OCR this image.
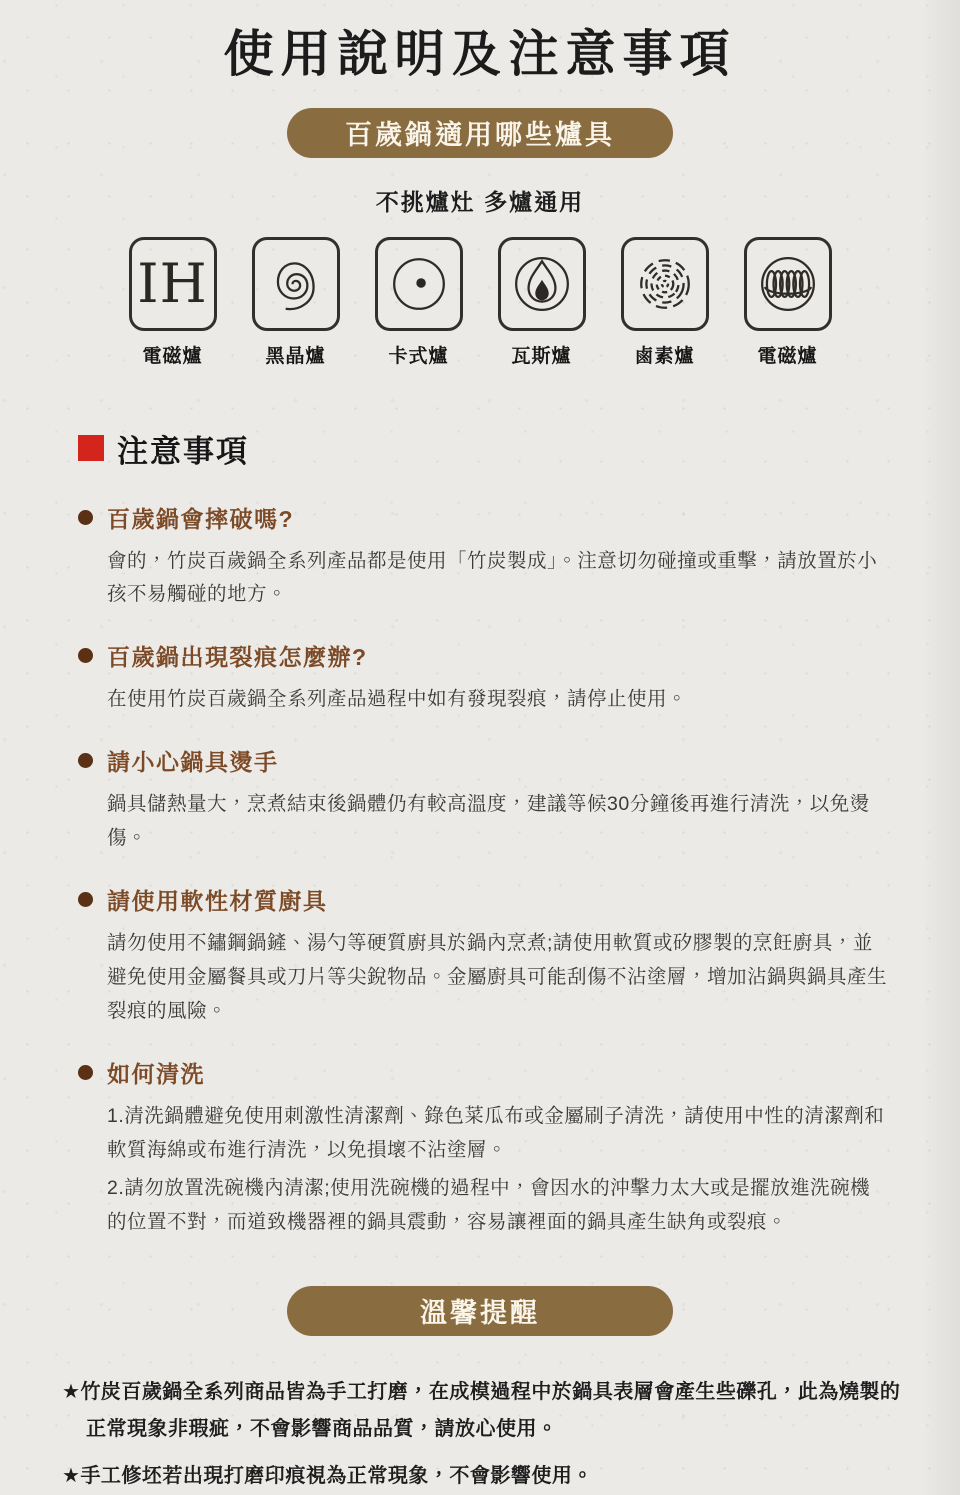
使用說明及注意事項
百歲鍋適用哪些爐具
不挑爐灶 多爐通用
IH
電磁爐	黑晶爐	卡式爐	瓦斯爐	鹵素爐	電磁爐
注意事項
百歲鍋會摔破嗎?

會的，竹炭百歲鍋全系列產品都是使用「竹炭製成」。注意切勿碰撞或重擊，請放置於小孩不易觸碰的地方。

百歲鍋出現裂痕怎麼辦?

在使用竹炭百歲鍋全系列產品過程中如有發現裂痕，請停止使用。

請小心鍋具燙手

鍋具儲熱量大，烹煮結束後鍋體仍有較高溫度，建議等候30分鐘後再進行清洗，以免燙傷。

請使用軟性材質廚具

請勿使用不鏽鋼鍋鏟、湯勺等硬質廚具於鍋內烹煮;請使用軟質或矽膠製的烹飪廚具，並避免使用金屬餐具或刀片等尖銳物品。金屬廚具可能刮傷不沾塗層，增加沾鍋與鍋具產生裂痕的風險。

如何清洗

1.清洗鍋體避免使用刺激性清潔劑、錄色菜瓜布或金屬刷子清洗，請使用中性的清潔劑和軟質海綿或布進行清洗，以免損壞不沾塗層。

2.請勿放置洗碗機內清潔;使用洗碗機的過程中，會因水的沖擊力太大或是擺放進洗碗機的位置不對，而道致機器裡的鍋具震動，容易讓裡面的鍋具產生缺角或裂痕。

溫馨提醒

★竹炭百歲鍋全系列商品皆為手工打磨，在成模過程中於鍋具表層會產生些礫孔，此為燒製的正常現象非瑕疵，不會影響商品品質，請放心使用。

★手工修坯若出現打磨印痕視為正常現象，不會影響使用。
